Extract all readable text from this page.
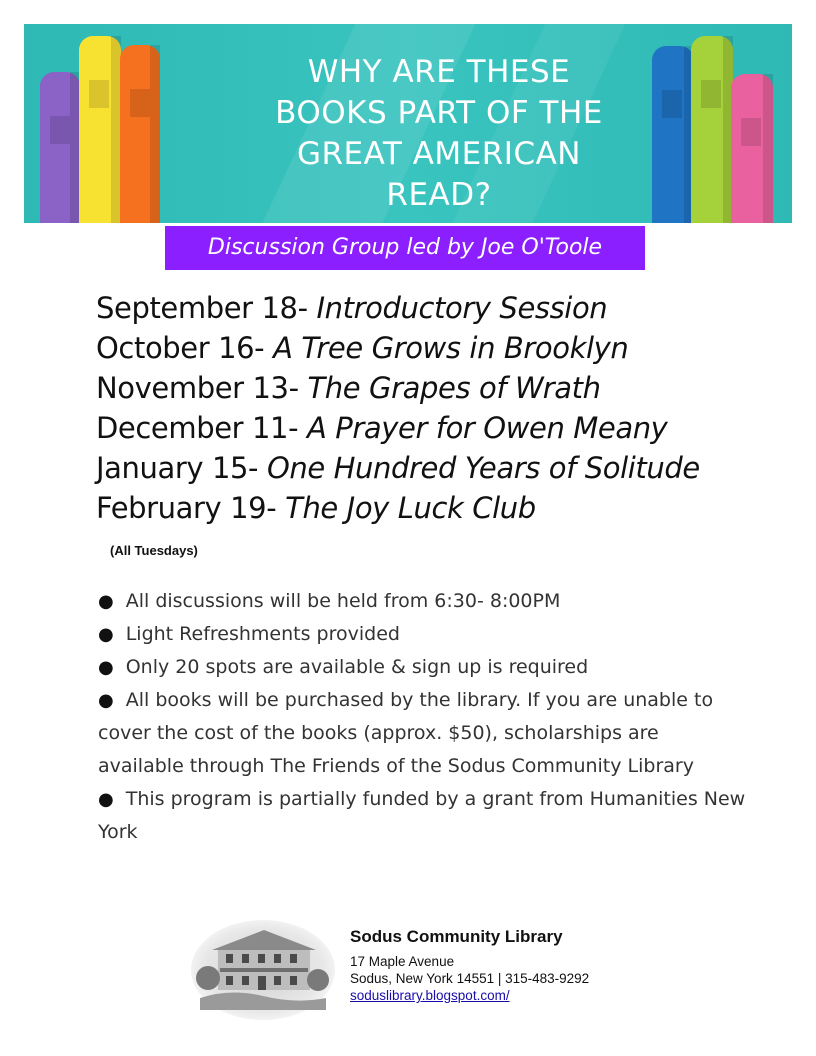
WHY ARE THESE
BOOKS PART OF THE
GREAT AMERICAN
READ?
Discussion Group led by Joe O'Toole
September 18- Introductory Session
October 16- A Tree Grows in Brooklyn
November 13- The Grapes of Wrath
December 11- A Prayer for Owen Meany
January 15- One Hundred Years of Solitude
February 19- The Joy Luck Club
(All Tuesdays)
● All discussions will be held from 6:30- 8:00PM
● Light Refreshments provided
● Only 20 spots are available & sign up is required
● All books will be purchased by the library. If you are unable to cover the cost of the books (approx. $50), scholarships are available through The Friends of the Sodus Community Library
● This program is partially funded by a grant from Humanities New York
Sodus Community Library
17 Maple Avenue
Sodus, New York 14551 | 315-483-9292
soduslibrary.blogspot.com/
